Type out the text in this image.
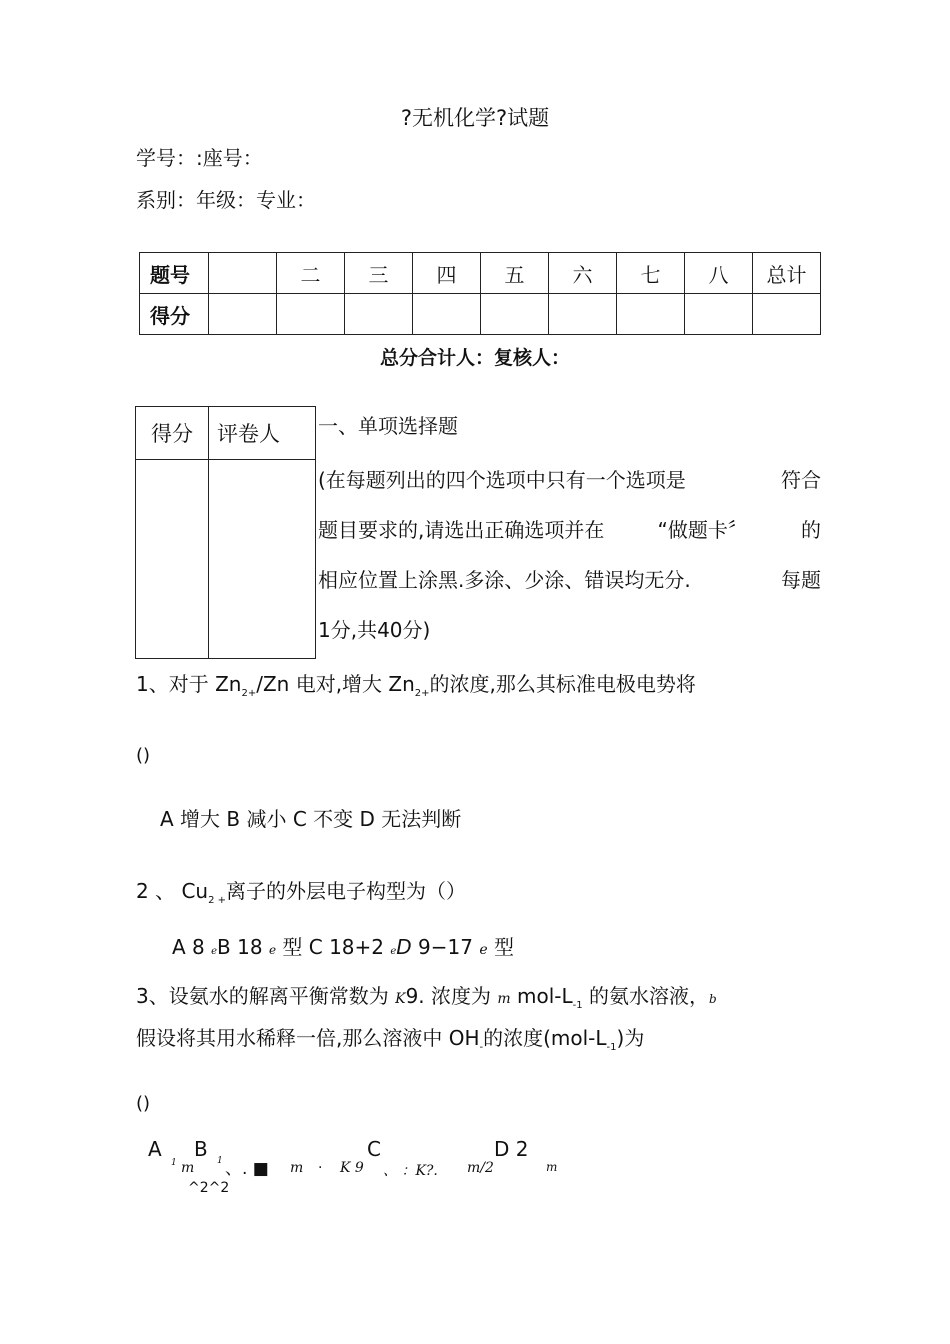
?无机化学?试题
学号：:座号：
系别：年级：专业：
题号		二	三	四	五	六	七	八	总计
得分									
总分合计人：复核人：
得分	评卷人
	一、单项选择题
(在每题列出的四个选项中只有一个选项是	符合
题目要求的,请选出正确选项并在	“做题卡〞	的
相应位置上涂黑.多涂、少涂、错误均无分.	每题
1分,共40分)
1、对于 $Zn_{2+}/Zn$ 电对,增大 $Zn_{2+}$的浓度,那么其标准电极电势将
()
A 增大 B 减小 C 不变 D 无法判断
2 、 $Cu_{2 +}$离子的外层电子构型为（）
A 8 eB 18 e 型 C 18+2 eD 9−17 e 型
3、设氨水的解离平衡常数为 K9. 浓度为 m mol-$L_{-1}$ 的氨水溶液，b
假设将其用水稀释一倍,那么溶液中 $OH_-$的浓度$(mol-L_{-1})$为
()
A
1 m
B 1 、. ■ m . K 9
C
、 ：K?. m/2
D 2
m
^2^2
